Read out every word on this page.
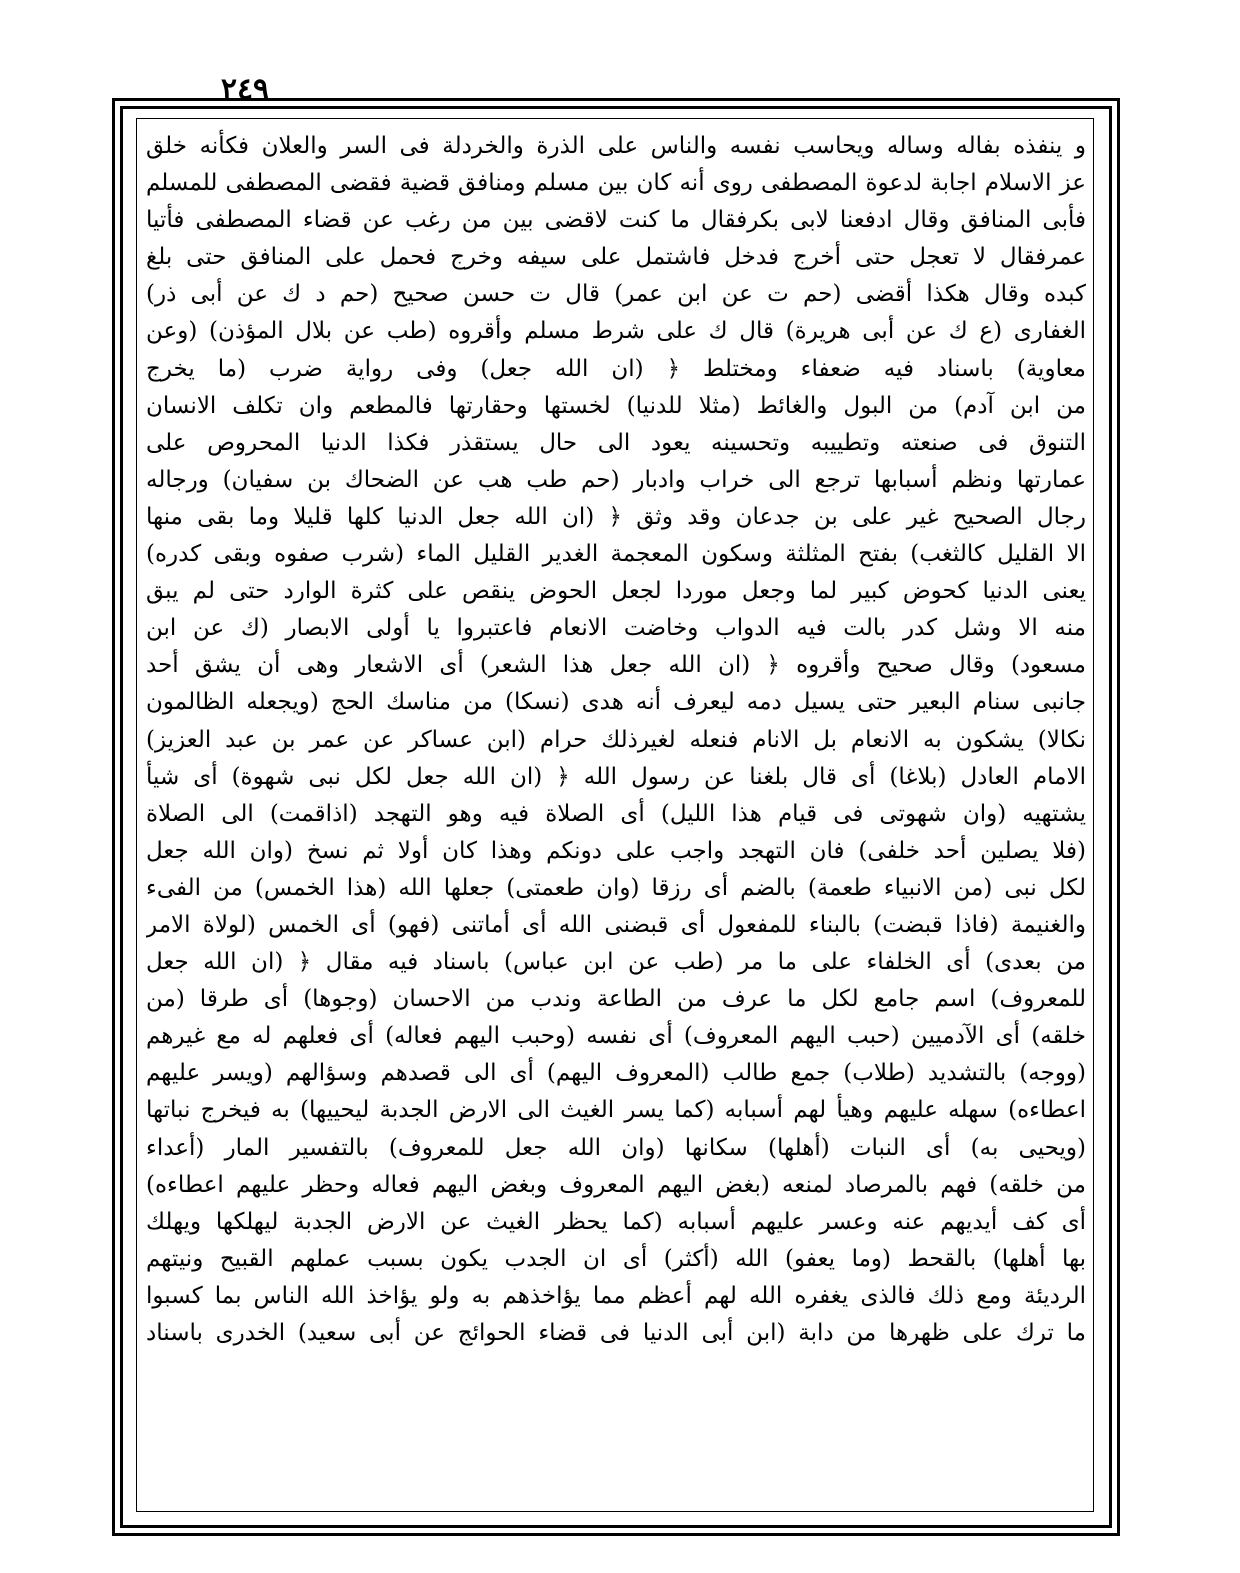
٢٤٩
و ينفذه بفاله وساله ويحاسب نفسه والناس على الذرة والخردلة فى السر والعلان فكأنه خلق
عز الاسلام اجابة لدعوة المصطفى روى أنه كان بين مسلم ومنافق قضية فقضى المصطفى للمسلم
فأبى المنافق وقال ادفعنا لابى بكرفقال ما كنت لاقضى بين من رغب عن قضاء المصطفى فأتيا
عمرفقال لا تعجل حتى أخرج فدخل فاشتمل على سيفه وخرج فحمل على المنافق حتى بلغ
كبده وقال هكذا أقضى (حم ت عن ابن عمر) قال ت حسن صحيح (حم د ك عن أبى ذر)
الغفارى (ع ك عن أبى هريرة) قال ك على شرط مسلم وأقروه (طب عن بلال المؤذن) (وعن
معاوية) باسناد فيه ضعفاء ومختلط ﴿ (ان الله جعل) وفى رواية ضرب (ما يخرج
من ابن آدم) من البول والغائط (مثلا للدنيا) لخستها وحقارتها فالمطعم وان تكلف الانسان
التنوق فى صنعته وتطييبه وتحسينه يعود الى حال يستقذر فكذا الدنيا المحروص على
عمارتها ونظم أسبابها ترجع الى خراب وادبار (حم طب هب عن الضحاك بن سفيان) ورجاله
رجال الصحيح غير على بن جدعان وقد وثق ﴿ (ان الله جعل الدنيا كلها قليلا وما بقى منها
الا القليل كالثغب) بفتح المثلثة وسكون المعجمة الغدير القليل الماء (شرب صفوه وبقى كدره)
يعنى الدنيا كحوض كبير لما وجعل موردا لجعل الحوض ينقص على كثرة الوارد حتى لم يبق
منه الا وشل كدر بالت فيه الدواب وخاضت الانعام فاعتبروا يا أولى الابصار (ك عن ابن
مسعود) وقال صحيح وأقروه ﴿ (ان الله جعل هذا الشعر) أى الاشعار وهى أن يشق أحد
جانبى سنام البعير حتى يسيل دمه ليعرف أنه هدى (نسكا) من مناسك الحج (ويجعله الظالمون
نكالا) يشكون به الانعام بل الانام فنعله لغيرذلك حرام (ابن عساكر عن عمر بن عبد العزيز)
الامام العادل (بلاغا) أى قال بلغنا عن رسول الله ﴿ (ان الله جعل لكل نبى شهوة) أى شيأ
يشتهيه (وان شهوتى فى قيام هذا الليل) أى الصلاة فيه وهو التهجد (اذاقمت) الى الصلاة
(فلا يصلين أحد خلفى) فان التهجد واجب على دونكم وهذا كان أولا ثم نسخ (وان الله جعل
لكل نبى (من الانبياء طعمة) بالضم أى رزقا (وان طعمتى) جعلها الله (هذا الخمس) من الفىء
والغنيمة (فاذا قبضت) بالبناء للمفعول أى قبضنى الله أى أماتنى (فهو) أى الخمس (لولاة الامر
من بعدى) أى الخلفاء على ما مر (طب عن ابن عباس) باسناد فيه مقال ﴿ (ان الله جعل
للمعروف) اسم جامع لكل ما عرف من الطاعة وندب من الاحسان (وجوها) أى طرقا (من
خلقه) أى الآدميين (حبب اليهم المعروف) أى نفسه (وحبب اليهم فعاله) أى فعلهم له مع غيرهم
(ووجه) بالتشديد (طلاب) جمع طالب (المعروف اليهم) أى الى قصدهم وسؤالهم (ويسر عليهم
اعطاءه) سهله عليهم وهيأ لهم أسبابه (كما يسر الغيث الى الارض الجدبة ليحييها) به فيخرج نباتها
(ويحيى به) أى النبات (أهلها) سكانها (وان الله جعل للمعروف) بالتفسير المار (أعداء
من خلقه) فهم بالمرصاد لمنعه (بغض اليهم المعروف وبغض اليهم فعاله وحظر عليهم اعطاءه)
أى كف أيديهم عنه وعسر عليهم أسبابه (كما يحظر الغيث عن الارض الجدبة ليهلكها ويهلك
بها أهلها) بالقحط (وما يعفو) الله (أكثر) أى ان الجدب يكون بسبب عملهم القبيح ونيتهم
الرديئة ومع ذلك فالذى يغفره الله لهم أعظم مما يؤاخذهم به ولو يؤاخذ الله الناس بما كسبوا
ما ترك على ظهرها من دابة (ابن أبى الدنيا فى قضاء الحوائج عن أبى سعيد) الخدرى باسناد
